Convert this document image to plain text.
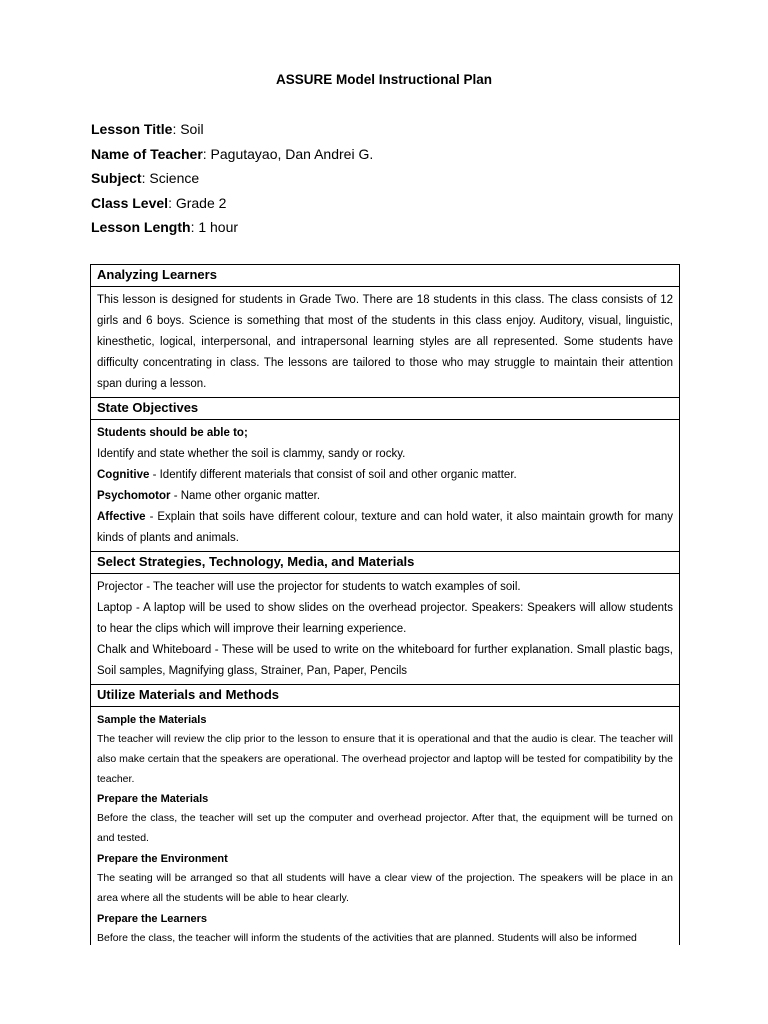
ASSURE Model Instructional Plan
Lesson Title: Soil
Name of Teacher: Pagutayao, Dan Andrei G.
Subject: Science
Class Level: Grade 2
Lesson Length: 1 hour
Analyzing Learners
This lesson is designed for students in Grade Two. There are 18 students in this class. The class consists of 12 girls and 6 boys. Science is something that most of the students in this class enjoy. Auditory, visual, linguistic, kinesthetic, logical, interpersonal, and intrapersonal learning styles are all represented. Some students have difficulty concentrating in class. The lessons are tailored to those who may struggle to maintain their attention span during a lesson.
State Objectives
Students should be able to;
Identify and state whether the soil is clammy, sandy or rocky.
Cognitive - Identify different materials that consist of soil and other organic matter.
Psychomotor - Name other organic matter.
Affective - Explain that soils have different colour, texture and can hold water, it also maintain growth for many kinds of plants and animals.
Select Strategies, Technology, Media, and Materials
Projector - The teacher will use the projector for students to watch examples of soil.
Laptop - A laptop will be used to show slides on the overhead projector. Speakers: Speakers will allow students to hear the clips which will improve their learning experience.
Chalk and Whiteboard - These will be used to write on the whiteboard for further explanation. Small plastic bags, Soil samples, Magnifying glass, Strainer, Pan, Paper, Pencils
Utilize Materials and Methods
Sample the Materials
The teacher will review the clip prior to the lesson to ensure that it is operational and that the audio is clear. The teacher will also make certain that the speakers are operational. The overhead projector and laptop will be tested for compatibility by the teacher.
Prepare the Materials
Before the class, the teacher will set up the computer and overhead projector. After that, the equipment will be turned on and tested.
Prepare the Environment
The seating will be arranged so that all students will have a clear view of the projection. The speakers will be place in an area where all the students will be able to hear clearly.
Prepare the Learners
Before the class, the teacher will inform the students of the activities that are planned. Students will also be informed
